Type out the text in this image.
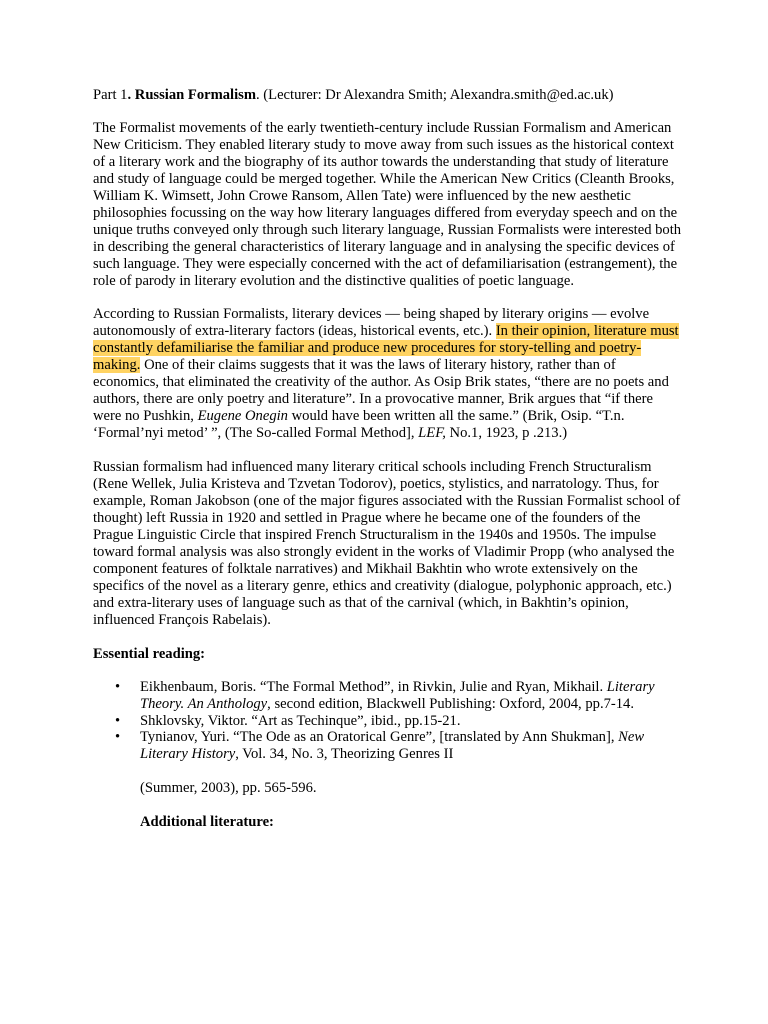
Part 1. Russian Formalism. (Lecturer: Dr Alexandra Smith; Alexandra.smith@ed.ac.uk)

The Formalist movements of the early twentieth-century include Russian Formalism and American New Criticism. They enabled literary study to move away from such issues as the historical context of a literary work and the biography of its author towards the understanding that study of literature and study of language could be merged together. While the American New Critics (Cleanth Brooks, William K. Wimsett, John Crowe Ransom, Allen Tate) were influenced by the new aesthetic philosophies focussing on the way how literary languages differed from everyday speech and on the unique truths conveyed only through such literary language, Russian Formalists were interested both in describing the general characteristics of literary language and in analysing the specific devices of such language. They were especially concerned with the act of defamiliarisation (estrangement), the role of parody in literary evolution and the distinctive qualities of poetic language.

According to Russian Formalists, literary devices — being shaped by literary origins — evolve autonomously of extra-literary factors (ideas, historical events, etc.). In their opinion, literature must constantly defamiliarise the familiar and produce new procedures for story-telling and poetry-making. One of their claims suggests that it was the laws of literary history, rather than of economics, that eliminated the creativity of the author. As Osip Brik states, “there are no poets and authors, there are only poetry and literature”. In a provocative manner, Brik argues that “if there were no Pushkin, Eugene Onegin would have been written all the same.” (Brik, Osip. “T.n. ‘Formal’nyi metod’ ”, (The So-called Formal Method], LEF, No.1, 1923, p .213.)

Russian formalism had influenced many literary critical schools including French Structuralism (Rene Wellek, Julia Kristeva and Tzvetan Todorov), poetics, stylistics, and narratology. Thus, for example, Roman Jakobson (one of the major figures associated with the Russian Formalist school of thought) left Russia in 1920 and settled in Prague where he became one of the founders of the Prague Linguistic Circle that inspired French Structuralism in the 1940s and 1950s. The impulse toward formal analysis was also strongly evident in the works of Vladimir Propp (who analysed the component features of folktale narratives) and Mikhail Bakhtin who wrote extensively on the specifics of the novel as a literary genre, ethics and creativity (dialogue, polyphonic approach, etc.) and extra-literary uses of language such as that of the carnival (which, in Bakhtin’s opinion, influenced François Rabelais).

Essential reading:

• Eikhenbaum, Boris. “The Formal Method”, in Rivkin, Julie and Ryan, Mikhail. Literary Theory. An Anthology, second edition, Blackwell Publishing: Oxford, 2004, pp.7-14.
• Shklovsky, Viktor. “Art as Techinque”, ibid., pp.15-21.
• Tynianov, Yuri. “The Ode as an Oratorical Genre”, [translated by Ann Shukman], New Literary History, Vol. 34, No. 3, Theorizing Genres II

(Summer, 2003), pp. 565-596.

Additional literature:
